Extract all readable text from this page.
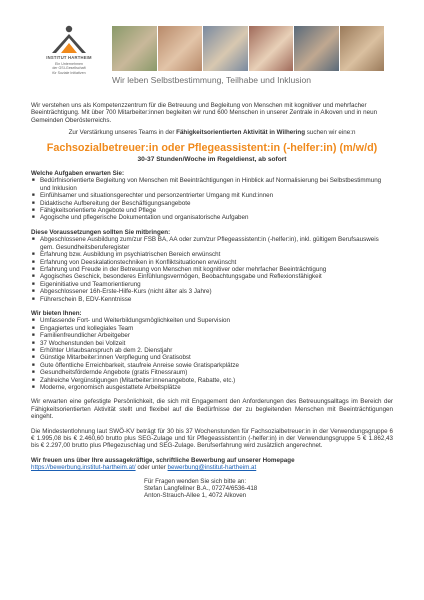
INSTITUT HARTHEIM
Ein Unternehmen
der GSI-Gesellschaft
für Soziale Initiativen
Wir leben Selbstbestimmung, Teilhabe und Inklusion

Wir verstehen uns als Kompetenzzentrum für die Betreuung und Begleitung von Menschen mit kognitiver und mehrfacher Beeinträchtigung. Mit über 700 Mitarbeiter:innen begleiten wir rund 600 Menschen in unserer Zentrale in Alkoven und in neun Gemeinden Oberösterreichs.

Zur Verstärkung unseres Teams in der Fähigkeitsorientierten Aktivität in Wilhering suchen wir eine:n

Fachsozialbetreuer:in oder Pflegeassistent:in (-helfer:in) (m/w/d)

30-37 Stunden/Woche im Regeldienst, ab sofort

Welche Aufgaben erwarten Sie:

■ Bedürfnisorientierte Begleitung von Menschen mit Beeinträchtigungen in Hinblick auf Normalisierung bei Selbstbestimmung und Inklusion
■ Einfühlsamer und situationsgerechter und personzentrierter Umgang mit Kund:innen
■ Didaktische Aufbereitung der Beschäftigungsangebote
■ Fähigkeitsorientierte Angebote und Pflege
■ Agogische und pflegerische Dokumentation und organisatorische Aufgaben

Diese Voraussetzungen sollten Sie mitbringen:

■ Abgeschlossene Ausbildung zum/zur FSB BA, AA oder zum/zur Pflegeassistent:in (-helfer:in), inkl. gültigem Berufsausweis gem. Gesundheitsberuferegister
■ Erfahrung bzw. Ausbildung im psychiatrischen Bereich erwünscht
■ Erfahrung von Deeskalationstechniken in Konfliktsituationen erwünscht
■ Erfahrung und Freude in der Betreuung von Menschen mit kognitiver oder mehrfacher Beeinträchtigung
■ Agogisches Geschick, besonderes Einfühlungsvermögen, Beobachtungsgabe und Reflexionsfähigkeit
■ Eigeninitiative und Teamorientierung
■ Abgeschlossener 16h-Erste-Hilfe-Kurs (nicht älter als 3 Jahre)
■ Führerschein B, EDV-Kenntnisse

Wir bieten Ihnen:

■ Umfassende Fort- und Weiterbildungsmöglichkeiten und Supervision
■ Engagiertes und kollegiales Team
■ Familienfreundlicher Arbeitgeber
■ 37 Wochenstunden bei Vollzeit
■ Erhöhter Urlaubsanspruch ab dem 2. Dienstjahr
■ Günstige Mitarbeiter:innen Verpflegung und Gratisobst
■ Gute öffentliche Erreichbarkeit, staufreie Anreise sowie Gratisparkplätze
■ Gesundheitsfördernde Angebote (gratis Fitnessraum)
■ Zahlreiche Vergünstigungen (Mitarbeiter:innenangebote, Rabatte, etc.)
■ Moderne, ergonomisch ausgestattete Arbeitsplätze

Wir erwarten eine gefestigte Persönlichkeit, die sich mit Engagement den Anforderungen des Betreuungsalltags im Bereich der Fähigkeitsorientierten Aktivität stellt und flexibel auf die Bedürfnisse der zu begleitenden Menschen mit Beeinträchtigungen eingeht.

Die Mindestentlohnung laut SWÖ-KV beträgt für 30 bis 37 Wochenstunden für Fachsozialbetreuer:in in der Verwendungsgruppe 6 € 1.995,08 bis € 2.460,60 brutto plus SEG-Zulage und für Pflegeassistent:in (-helfer:in) in der Verwendungsgruppe 5 € 1.862,43 bis € 2.297,00 brutto plus Pflegezuschlag und SEG-Zulage. Berufserfahrung wird zusätzlich angerechnet.

Wir freuen uns über Ihre aussagekräftige, schriftliche Bewerbung auf unserer Homepage

https://bewerbung.institut-hartheim.at/ oder unter bewerbung@institut-hartheim.at

Für Fragen wenden Sie sich bitte an:

Stefan Langfellner B.A., 07274/6536-418

Anton-Strauch-Allee 1, 4072 Alkoven
